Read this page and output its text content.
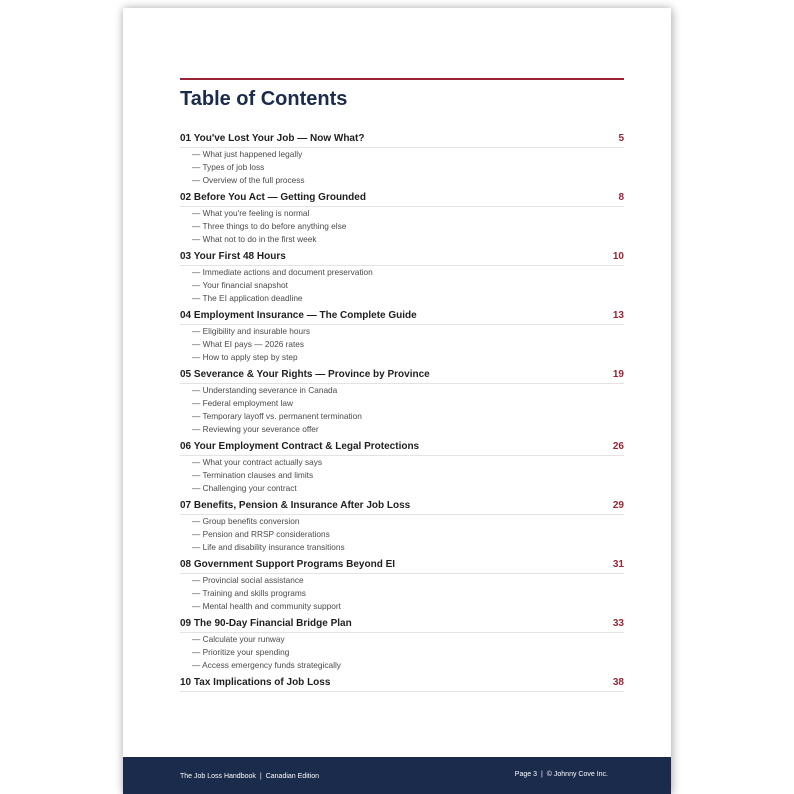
Table of Contents
01 You've Lost Your Job — Now What?	5
— What just happened legally
— Types of job loss
— Overview of the full process
02 Before You Act — Getting Grounded	8
— What you're feeling is normal
— Three things to do before anything else
— What not to do in the first week
03 Your First 48 Hours	10
— Immediate actions and document preservation
— Your financial snapshot
— The EI application deadline
04 Employment Insurance — The Complete Guide	13
— Eligibility and insurable hours
— What EI pays — 2026 rates
— How to apply step by step
05 Severance & Your Rights — Province by Province	19
— Understanding severance in Canada
— Federal employment law
— Temporary layoff vs. permanent termination
— Reviewing your severance offer
06 Your Employment Contract & Legal Protections	26
— What your contract actually says
— Termination clauses and limits
— Challenging your contract
07 Benefits, Pension & Insurance After Job Loss	29
— Group benefits conversion
— Pension and RRSP considerations
— Life and disability insurance transitions
08 Government Support Programs Beyond EI	31
— Provincial social assistance
— Training and skills programs
— Mental health and community support
09 The 90-Day Financial Bridge Plan	33
— Calculate your runway
— Prioritize your spending
— Access emergency funds strategically
10 Tax Implications of Job Loss	38
The Job Loss Handbook | Canadian Edition	Page 3 | © Johnny Cove Inc.
